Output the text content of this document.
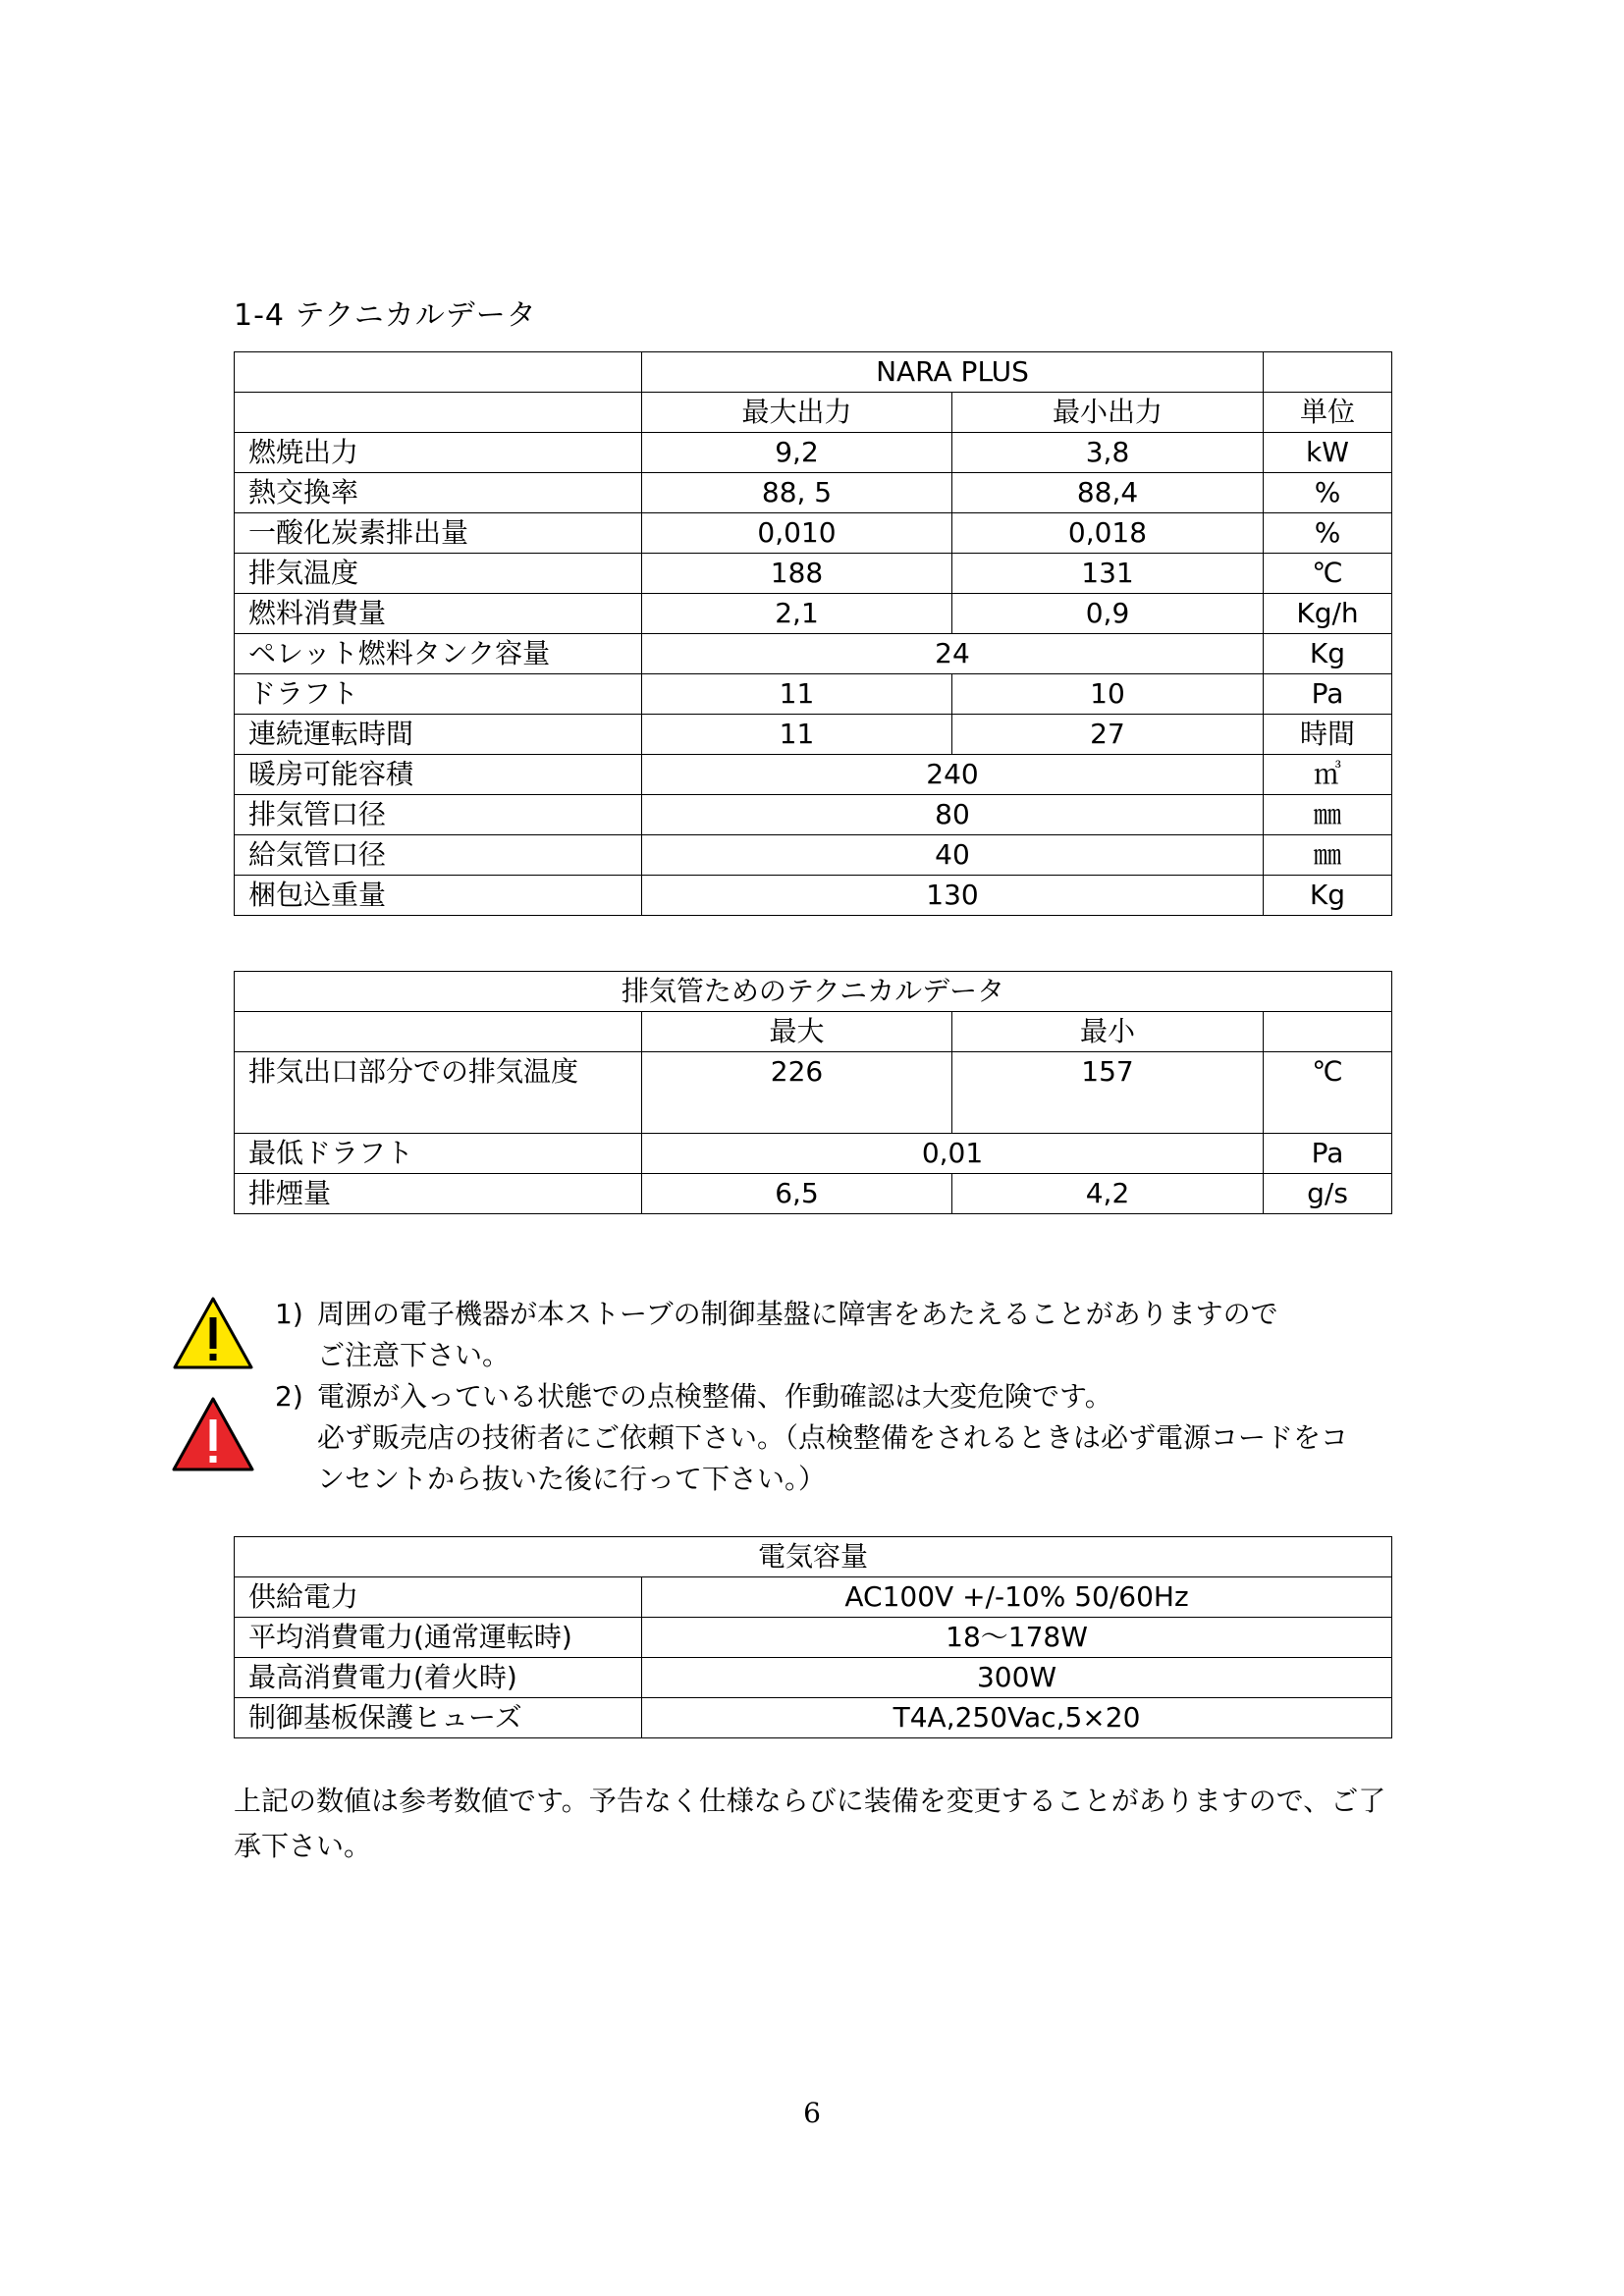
1-4 テクニカルデータ
	NARA PLUS		
	最大出力	最小出力	単位
燃焼出力	9,2	3,8	kW
熱交換率	88, 5	88,4	%
一酸化炭素排出量	0,010	0,018	%
排気温度	188	131	℃
燃料消費量	2,1	0,9	Kg/h
ペレット燃料タンク容量	24		Kg
ドラフト	11	10	Pa
連続運転時間	11	27	時間
暖房可能容積	240		㎥
排気管口径	80		㎜
給気管口径	40		㎜
梱包込重量	130		Kg
排気管ためのテクニカルデータ			
	最大	最小	
排気出口部分での排気温度	226	157	℃
最低ドラフト	0,01		Pa
排煙量	6,5	4,2	g/s
1) 周囲の電子機器が本ストーブの制御基盤に障害をあたえることがありますので
ご注意下さい。
2) 電源が入っている状態での点検整備、作動確認は大変危険です。
必ず販売店の技術者にご依頼下さい。（点検整備をされるときは必ず電源コードをコ
ンセントから抜いた後に行って下さい。）
電気容量	
供給電力	AC100V +/-10% 50/60Hz
平均消費電力(通常運転時)	18～178W
最高消費電力(着火時)	300W
制御基板保護ヒューズ	T4A,250Vac,5×20
上記の数値は参考数値です。予告なく仕様ならびに装備を変更することがありますので、ご了承下さい。
6
